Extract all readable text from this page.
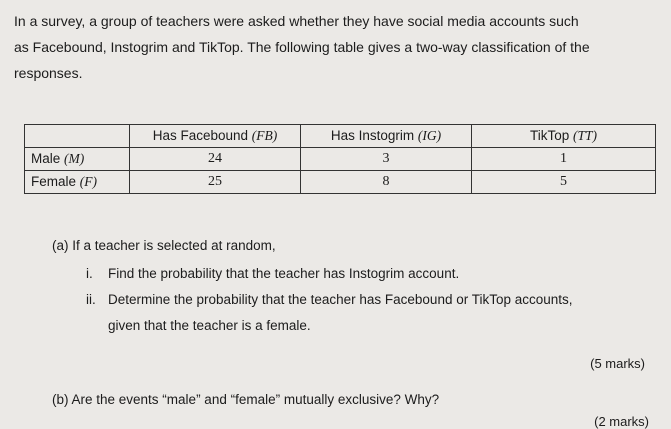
In a survey, a group of teachers were asked whether they have social media accounts such

as Facebound, Instogrim and TikTop. The following table gives a two-way classification of the

responses.

	Has Facebound (FB)	Has Instogrim (IG)	TikTop (TT)
Male (M)	24	3	1
Female (F)	25	8	5
(a) If a teacher is selected at random,
i. Find the probability that the teacher has Instogrim account.
ii. Determine the probability that the teacher has Facebound or TikTop accounts,
given that the teacher is a female.
(5 marks)
(b) Are the events “male” and “female” mutually exclusive? Why?
(2 marks)
